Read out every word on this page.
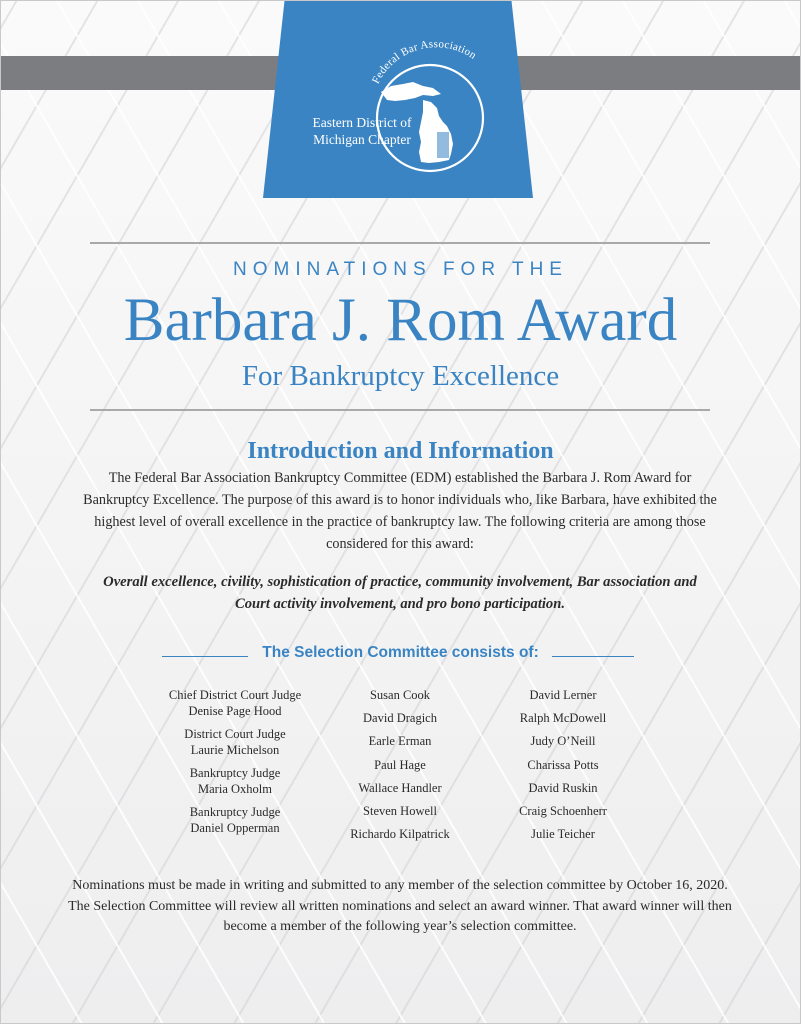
Federal Bar Association
Eastern District of
Michigan Chapter
NOMINATIONS FOR THE
Barbara J. Rom Award
For Bankruptcy Excellence
Introduction and Information
The Federal Bar Association Bankruptcy Committee (EDM) established the Barbara J. Rom Award for Bankruptcy Excellence. The purpose of this award is to honor individuals who, like Barbara, have exhibited the highest level of overall excellence in the practice of bankruptcy law. The following criteria are among those considered for this award:
Overall excellence, civility, sophistication of practice, community involvement, Bar association and Court activity involvement, and pro bono participation.
The Selection Committee consists of:
Chief District Court Judge
Denise Page Hood
District Court Judge
Laurie Michelson
Bankruptcy Judge
Maria Oxholm
Bankruptcy Judge
Daniel Opperman
Susan Cook
David Dragich
Earle Erman
Paul Hage
Wallace Handler
Steven Howell
Richardo Kilpatrick
David Lerner
Ralph McDowell
Judy O’Neill
Charissa Potts
David Ruskin
Craig Schoenherr
Julie Teicher
Nominations must be made in writing and submitted to any member of the selection committee by October 16, 2020. The Selection Committee will review all written nominations and select an award winner. That award winner will then become a member of the following year’s selection committee.
